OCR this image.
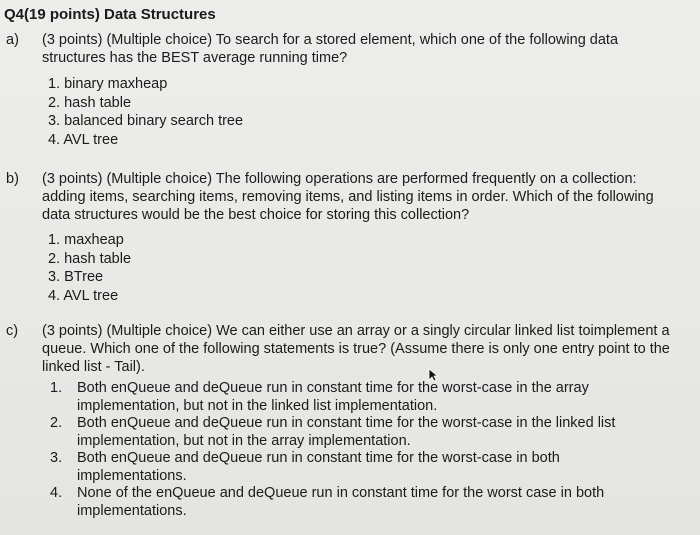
Q4(19 points) Data Structures
a) (3 points) (Multiple choice) To search for a stored element, which one of the following data structures has the BEST average running time?
1. binary maxheap
2. hash table
3. balanced binary search tree
4. AVL tree
b) (3 points) (Multiple choice) The following operations are performed frequently on a collection: adding items, searching items, removing items, and listing items in order. Which of the following data structures would be the best choice for storing this collection?
1. maxheap
2. hash table
3. BTree
4. AVL tree
c) (3 points) (Multiple choice) We can either use an array or a singly circular linked list toimplement a queue. Which one of the following statements is true? (Assume there is only one entry point to the linked list - Tail).
1. Both enQueue and deQueue run in constant time for the worst-case in the array implementation, but not in the linked list implementation.
2. Both enQueue and deQueue run in constant time for the worst-case in the linked list implementation, but not in the array implementation.
3. Both enQueue and deQueue run in constant time for the worst-case in both implementations.
4. None of the enQueue and deQueue run in constant time for the worst case in both implementations.
